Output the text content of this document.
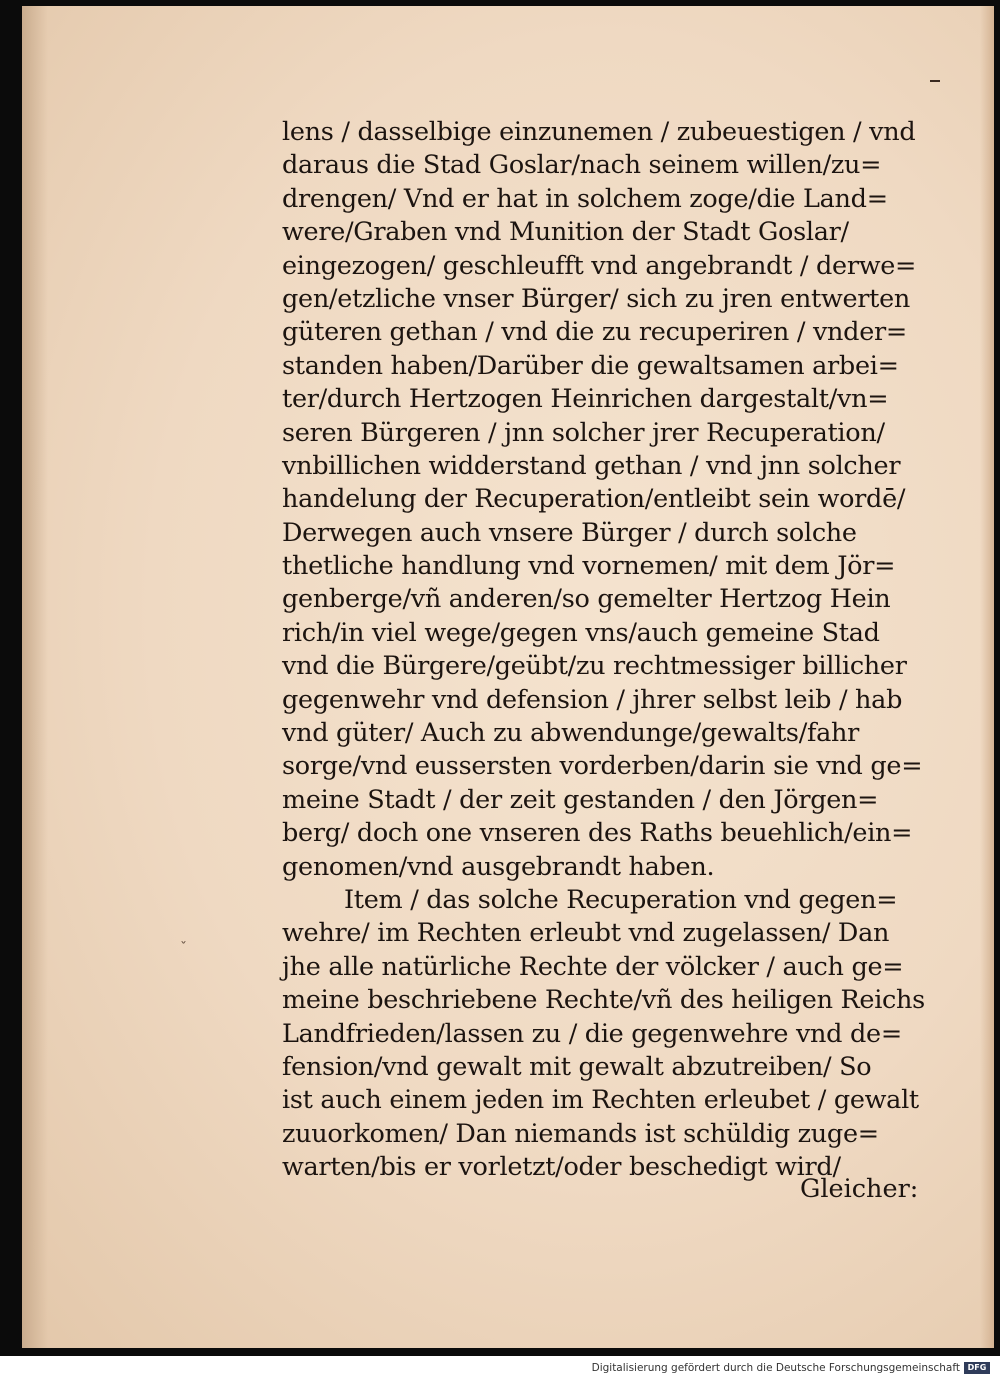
ˇ
lens / dasselbige einzunemen / zubeuestigen / vnd
daraus die Stad Goslar/nach seinem willen/zu=
drengen/ Vnd er hat in solchem zoge/die Land=
were/Graben vnd Munition der Stadt Goslar/
eingezogen/ geschleufft vnd angebrandt / derwe=
gen/etzliche vnser Bürger/ sich zu jren entwerten
güteren gethan / vnd die zu recuperiren / vnder=
standen haben/Darüber die gewaltsamen arbei=
ter/durch Hertzogen Heinrichen dargestalt/vn=
seren Bürgeren / jnn solcher jrer Recuperation/
vnbillichen widderstand gethan / vnd jnn solcher
handelung der Recuperation/entleibt sein wordē/
Derwegen auch vnsere Bürger / durch solche
thetliche handlung vnd vornemen/ mit dem Jör=
genberge/vñ anderen/so gemelter Hertzog Hein
rich/in viel wege/gegen vns/auch gemeine Stad
vnd die Bürgere/geübt/zu rechtmessiger billicher
gegenwehr vnd defension / jhrer selbst leib / hab
vnd güter/ Auch zu abwendunge/gewalts/fahr
sorge/vnd eussersten vorderben/darin sie vnd ge=
meine Stadt / der zeit gestanden / den Jörgen=
berg/ doch one vnseren des Raths beuehlich/ein=
genomen/vnd ausgebrandt haben.
Item / das solche Recuperation vnd gegen=
wehre/ im Rechten erleubt vnd zugelassen/ Dan
jhe alle natürliche Rechte der völcker / auch ge=
meine beschriebene Rechte/vñ des heiligen Reichs
Landfrieden/lassen zu / die gegenwehre vnd de=
fension/vnd gewalt mit gewalt abzutreiben/ So
ist auch einem jeden im Rechten erleubet / gewalt
zuuorkomen/ Dan niemands ist schüldig zuge=
warten/bis er vorletzt/oder beschedigt wird/
Gleicher:
Digitalisierung gefördert durch die Deutsche Forschungsgemeinschaft DFG
